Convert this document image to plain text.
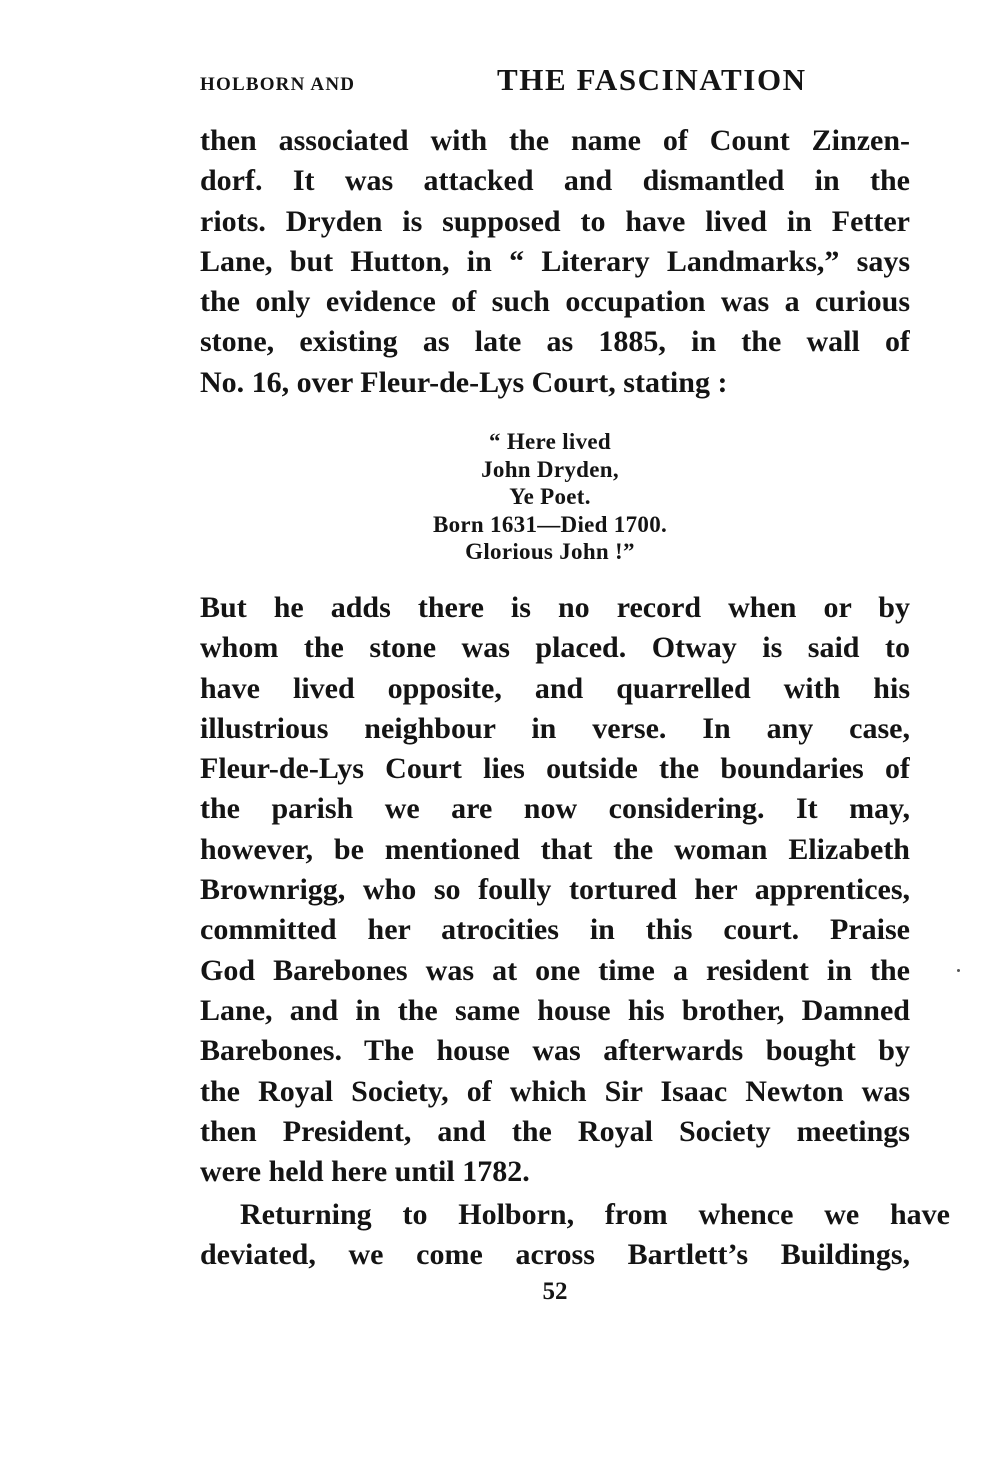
HOLBORN AND	THE FASCINATION
then associated with the name of Count Zinzen-
dorf. It was attacked and dismantled in the
riots. Dryden is supposed to have lived in Fetter
Lane, but Hutton, in “ Literary Landmarks,” says
the only evidence of such occupation was a curious
stone, existing as late as 1885, in the wall of
No. 16, over Fleur-de-Lys Court, stating :
“ Here lived
John Dryden,
Ye Poet.
Born 1631—Died 1700.
Glorious John !”
But he adds there is no record when or by
whom the stone was placed. Otway is said to
have lived opposite, and quarrelled with his
illustrious neighbour in verse. In any case,
Fleur-de-Lys Court lies outside the boundaries of
the parish we are now considering. It may,
however, be mentioned that the woman Elizabeth
Brownrigg, who so foully tortured her apprentices,
committed her atrocities in this court. Praise
God Barebones was at one time a resident in the
Lane, and in the same house his brother, Damned
Barebones. The house was afterwards bought by
the Royal Society, of which Sir Isaac Newton was
then President, and the Royal Society meetings
were held here until 1782.
Returning to Holborn, from whence we have
deviated, we come across Bartlett’s Buildings,
52
